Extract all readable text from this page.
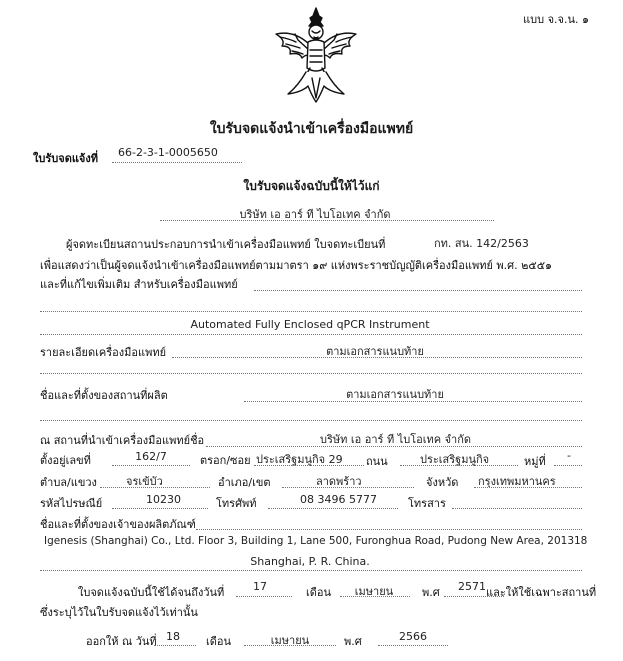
แบบ จ.จ.น. ๑
ใบรับจดแจ้งนำเข้าเครื่องมือแพทย์
ใบรับจดแจ้งที่ 66-2-3-1-0005650
ใบรับจดแจ้งฉบับนี้ให้ไว้แก่
บริษัท เอ อาร์ ที ไบโอเทค จำกัด
ผู้จดทะเบียนสถานประกอบการนำเข้าเครื่องมือแพทย์ ใบจดทะเบียนที่	กท. สน. 142/2563
เพื่อแสดงว่าเป็นผู้จดแจ้งนำเข้าเครื่องมือแพทย์ตามมาตรา ๑๙ แห่งพระราชบัญญัติเครื่องมือแพทย์ พ.ศ. ๒๕๕๑
และที่แก้ไขเพิ่มเติม สำหรับเครื่องมือแพทย์
Automated Fully Enclosed qPCR Instrument
รายละเอียดเครื่องมือแพทย์	ตามเอกสารแนบท้าย
ชื่อและที่ตั้งของสถานที่ผลิต	ตามเอกสารแนบท้าย
ณ สถานที่นำเข้าเครื่องมือแพทย์ชื่อ	บริษัท เอ อาร์ ที ไบโอเทค จำกัด
ตั้งอยู่เลขที่	162/7	ตรอก/ซอย ประเสริฐมนูกิจ 29 ถนน	ประเสริฐมนูกิจ	หมู่ที่ -
ตำบล/แขวง	จรเข้บัว	อำเภอ/เขต	ลาดพร้าว	จังหวัด กรุงเทพมหานคร
รหัสไปรษณีย์	10230	โทรศัพท์	08 3496 5777	โทรสาร
ชื่อและที่ตั้งของเจ้าของผลิตภัณฑ์
Igenesis (Shanghai) Co., Ltd. Floor 3, Building 1, Lane 500, Furonghua Road, Pudong New Area, 201318
Shanghai, P. R. China.
ใบจดแจ้งฉบับนี้ใช้ได้จนถึงวันที่	17	เดือน	เมษายน	พ.ศ	2571 และให้ใช้เฉพาะสถานที่
ซึ่งระบุไว้ในใบรับจดแจ้งไว้เท่านั้น
ออกให้ ณ วันที่ 18	เดือน	เมษายน	พ.ศ	2566
